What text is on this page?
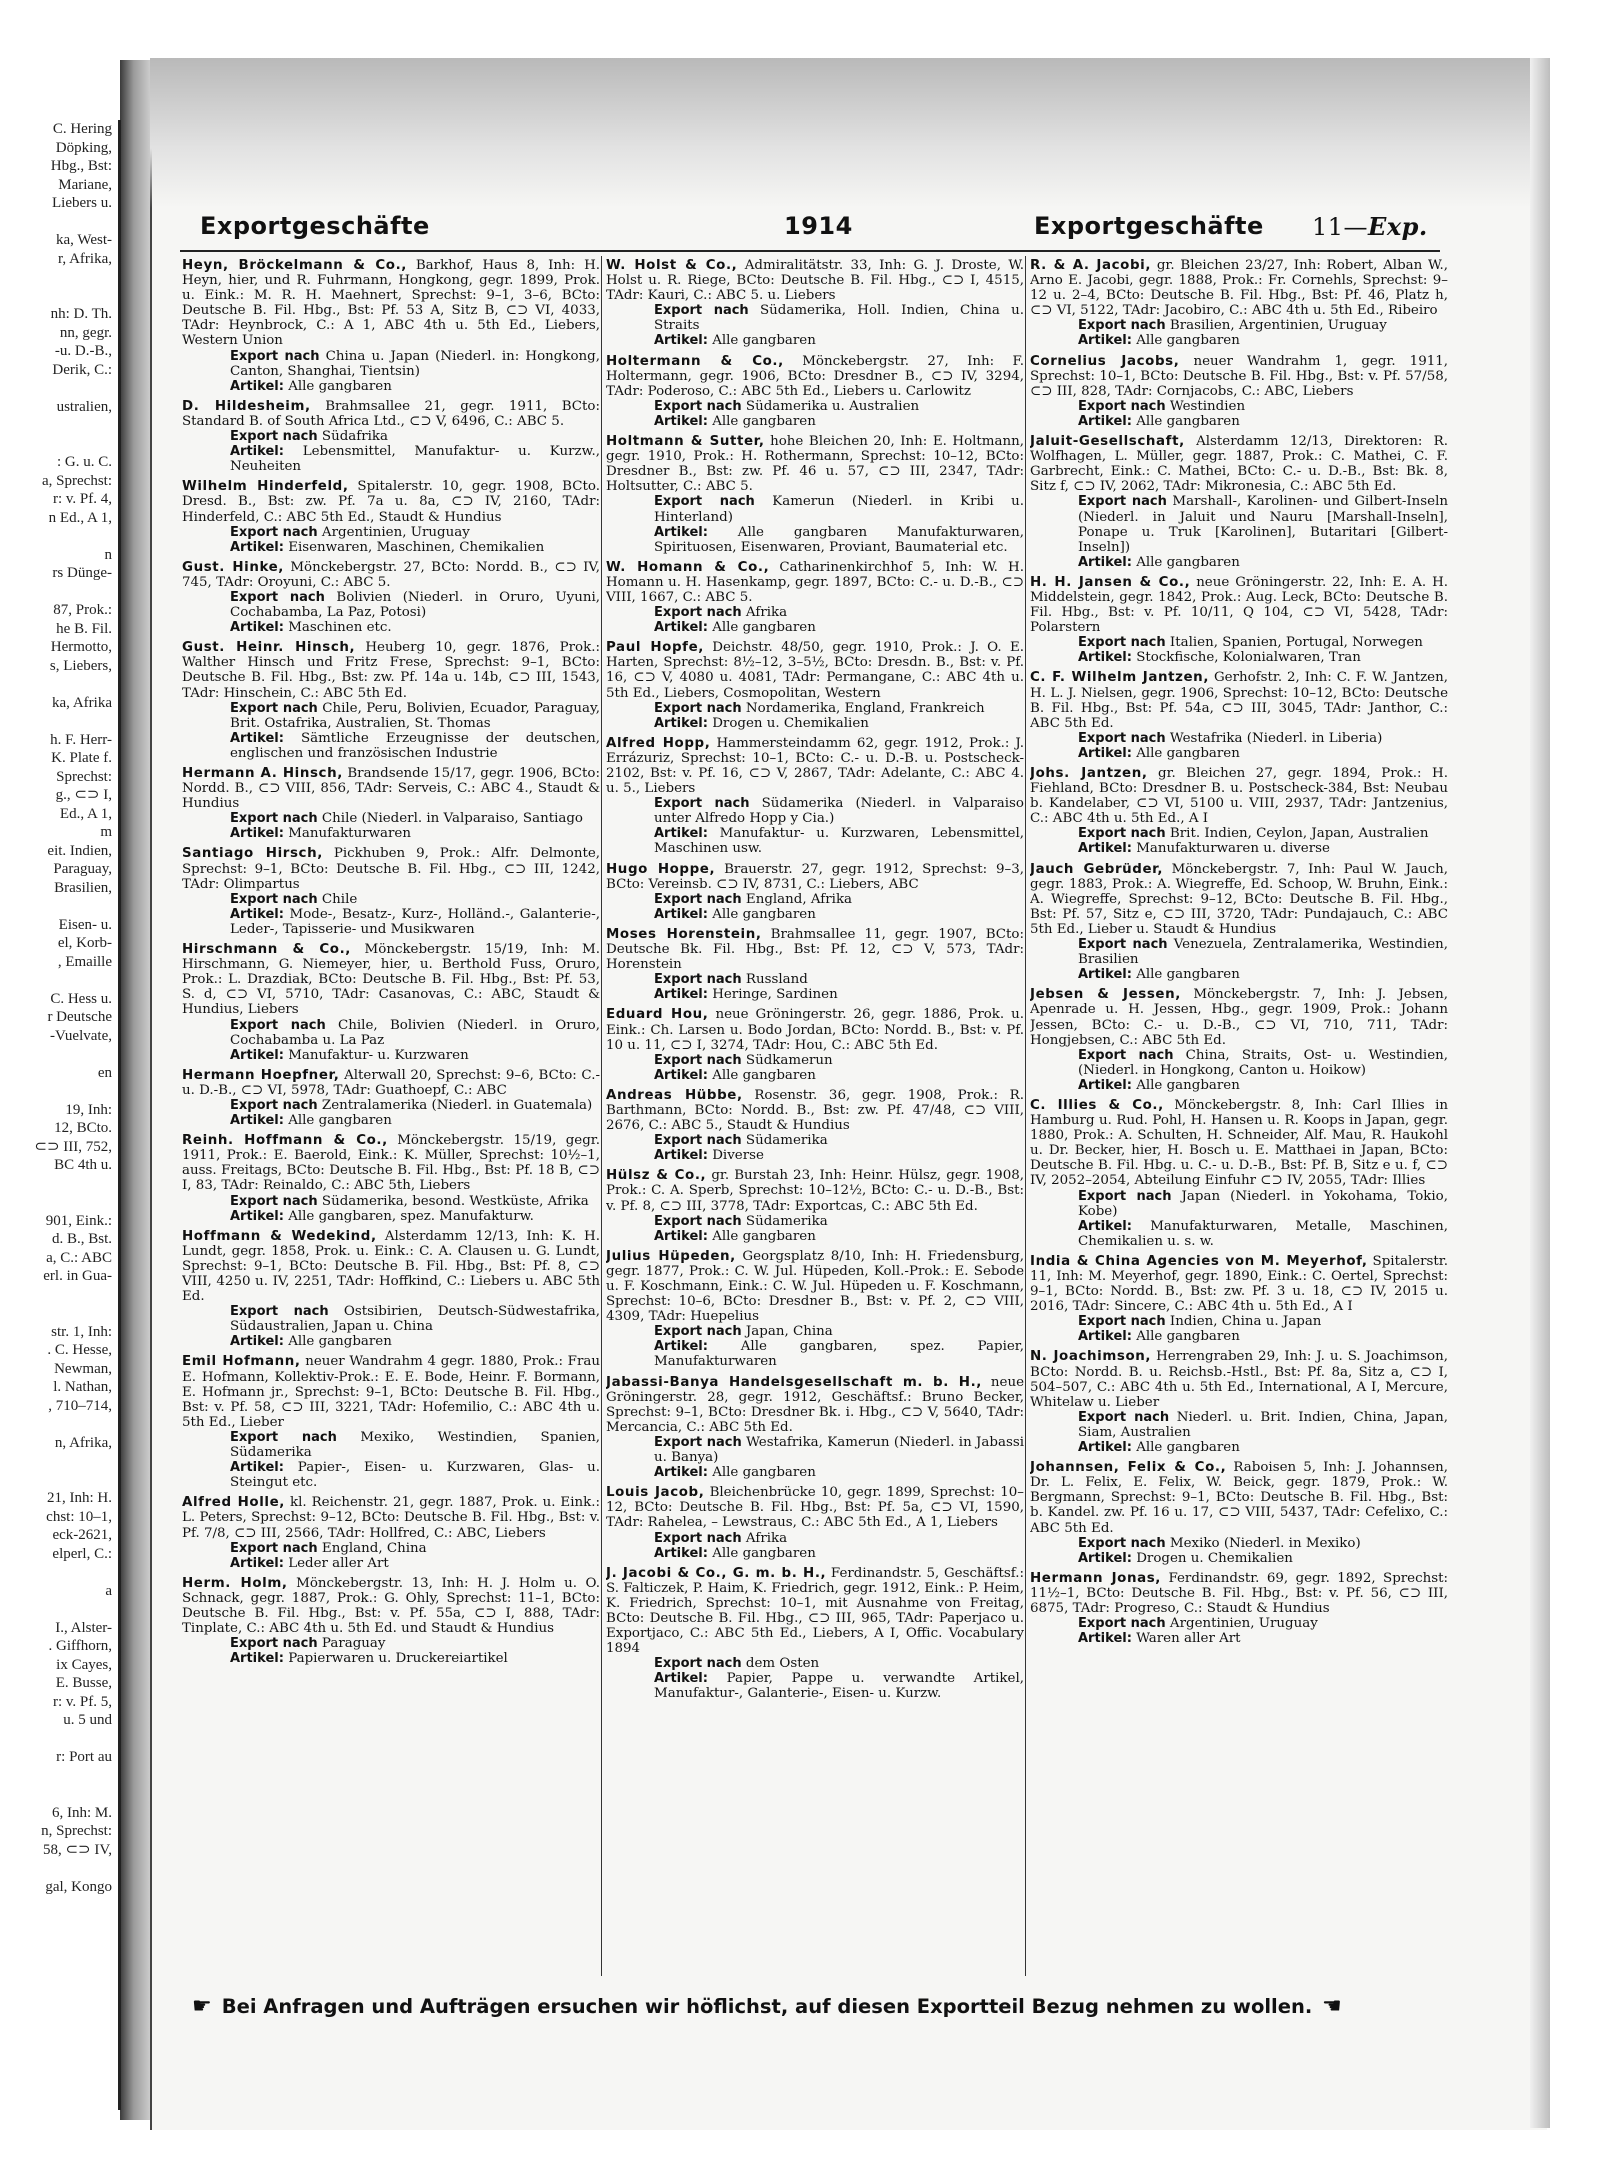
C. Hering
Döpking,
Hbg., Bst:
Mariane,
Liebers u.

ka, West-
r, Afrika,

nh: D. Th.
nn, gegr.
-u. D.-B.,
Derik, C.:

ustralien,

: G. u. C.
a, Sprechst:
r: v. Pf. 4,
n Ed., A 1,

n
rs Dünge-

87, Prok.:
he B. Fil.
Hermotto,
s, Liebers,

ka, Afrika

h. F. Herr-
K. Plate f.
Sprechst:
g., ⊂⊃ I,
Ed., A 1,
m
eit. Indien,
Paraguay,
Brasilien,

Eisen- u.
el, Korb-
, Emaille

C. Hess u.
r Deutsche
-Vuelvate,

en

19, Inh:
12, BCto.
⊂⊃ III, 752,
BC 4th u.

901, Eink.:
d. B., Bst.
a, C.: ABC
erl. in Gua-

str. 1, Inh:
. C. Hesse,
Newman,
l. Nathan,
, 710–714,

n, Afrika,

21, Inh: H.
chst: 10–1,
eck-2621,
elperl, C.:

a

I., Alster-
. Giffhorn,
ix Cayes,
E. Busse,
r: v. Pf. 5,
u. 5 und

r: Port au

6, Inh: M.
n, Sprechst:
58, ⊂⊃ IV,

gal, Kongo
Exportgeschäfte	1914	Exportgeschäfte 11—Exp.
Heyn, Bröckelmann & Co., Barkhof, Haus 8, Inh: H. Heyn, hier, und R. Fuhrmann, Hongkong, gegr. 1899, Prok. u. Eink.: M. R. H. Maehnert, Sprechst: 9–1, 3–6, BCto: Deutsche B. Fil. Hbg., Bst: Pf. 53 A, Sitz B, ⊂⊃ VI, 4033, TAdr: Heynbrock, C.: A 1, ABC 4th u. 5th Ed., Liebers, Western Union
Export nach China u. Japan (Niederl. in: Hongkong, Canton, Shanghai, Tientsin)
Artikel: Alle gangbaren
D. Hildesheim, Brahmsallee 21, gegr. 1911, BCto: Standard B. of South Africa Ltd., ⊂⊃ V, 6496, C.: ABC 5.
Export nach Südafrika
Artikel: Lebensmittel, Manufaktur- u. Kurzw., Neuheiten
Wilhelm Hinderfeld, Spitalerstr. 10, gegr. 1908, BCto. Dresd. B., Bst: zw. Pf. 7a u. 8a, ⊂⊃ IV, 2160, TAdr: Hinderfeld, C.: ABC 5th Ed., Staudt & Hundius
Export nach Argentinien, Uruguay
Artikel: Eisenwaren, Maschinen, Chemikalien
Gust. Hinke, Mönckebergstr. 27, BCto: Nordd. B., ⊂⊃ IV, 745, TAdr: Oroyuni, C.: ABC 5.
Export nach Bolivien (Niederl. in Oruro, Uyuni, Cochabamba, La Paz, Potosi)
Artikel: Maschinen etc.
Gust. Heinr. Hinsch, Heuberg 10, gegr. 1876, Prok.: Walther Hinsch und Fritz Frese, Sprechst: 9–1, BCto: Deutsche B. Fil. Hbg., Bst: zw. Pf. 14a u. 14b, ⊂⊃ III, 1543, TAdr: Hinschein, C.: ABC 5th Ed.
Export nach Chile, Peru, Bolivien, Ecuador, Paraguay, Brit. Ostafrika, Australien, St. Thomas
Artikel: Sämtliche Erzeugnisse der deutschen, englischen und französischen Industrie
Hermann A. Hinsch, Brandsende 15/17, gegr. 1906, BCto: Nordd. B., ⊂⊃ VIII, 856, TAdr: Serveis, C.: ABC 4., Staudt & Hundius
Export nach Chile (Niederl. in Valparaiso, Santiago
Artikel: Manufakturwaren
Santiago Hirsch, Pickhuben 9, Prok.: Alfr. Delmonte, Sprechst: 9–1, BCto: Deutsche B. Fil. Hbg., ⊂⊃ III, 1242, TAdr: Olimpartus
Export nach Chile
Artikel: Mode-, Besatz-, Kurz-, Holländ.-, Galanterie-, Leder-, Tapisserie- und Musikwaren
Hirschmann & Co., Mönckebergstr. 15/19, Inh: M. Hirschmann, G. Niemeyer, hier, u. Berthold Fuss, Oruro, Prok.: L. Drazdiak, BCto: Deutsche B. Fil. Hbg., Bst: Pf. 53, S. d, ⊂⊃ VI, 5710, TAdr: Casanovas, C.: ABC, Staudt & Hundius, Liebers
Export nach Chile, Bolivien (Niederl. in Oruro, Cochabamba u. La Paz
Artikel: Manufaktur- u. Kurzwaren
Hermann Hoepfner, Alterwall 20, Sprechst: 9–6, BCto: C.- u. D.-B., ⊂⊃ VI, 5978, TAdr: Guathoepf, C.: ABC
Export nach Zentralamerika (Niederl. in Guatemala)
Artikel: Alle gangbaren
Reinh. Hoffmann & Co., Mönckebergstr. 15/19, gegr. 1911, Prok.: E. Baerold, Eink.: K. Müller, Sprechst: 10½–1, auss. Freitags, BCto: Deutsche B. Fil. Hbg., Bst: Pf. 18 B, ⊂⊃ I, 83, TAdr: Reinaldo, C.: ABC 5th, Liebers
Export nach Südamerika, besond. Westküste, Afrika
Artikel: Alle gangbaren, spez. Manufakturw.
Hoffmann & Wedekind, Alsterdamm 12/13, Inh: K. H. Lundt, gegr. 1858, Prok. u. Eink.: C. A. Clausen u. G. Lundt, Sprechst: 9–1, BCto: Deutsche B. Fil. Hbg., Bst: Pf. 8, ⊂⊃ VIII, 4250 u. IV, 2251, TAdr: Hoffkind, C.: Liebers u. ABC 5th Ed.
Export nach Ostsibirien, Deutsch-Südwestafrika, Südaustralien, Japan u. China
Artikel: Alle gangbaren
Emil Hofmann, neuer Wandrahm 4 gegr. 1880, Prok.: Frau E. Hofmann, Kollektiv-Prok.: E. E. Bode, Heinr. F. Bormann, E. Hofmann jr., Sprechst: 9–1, BCto: Deutsche B. Fil. Hbg., Bst: v. Pf. 58, ⊂⊃ III, 3221, TAdr: Hofemilio, C.: ABC 4th u. 5th Ed., Lieber
Export nach Mexiko, Westindien, Spanien, Südamerika
Artikel: Papier-, Eisen- u. Kurzwaren, Glas- u. Steingut etc.
Alfred Holle, kl. Reichenstr. 21, gegr. 1887, Prok. u. Eink.: L. Peters, Sprechst: 9–12, BCto: Deutsche B. Fil. Hbg., Bst: v. Pf. 7/8, ⊂⊃ III, 2566, TAdr: Hollfred, C.: ABC, Liebers
Export nach England, China
Artikel: Leder aller Art
Herm. Holm, Mönckebergstr. 13, Inh: H. J. Holm u. O. Schnack, gegr. 1887, Prok.: G. Ohly, Sprechst: 11–1, BCto: Deutsche B. Fil. Hbg., Bst: v. Pf. 55a, ⊂⊃ I, 888, TAdr: Tinplate, C.: ABC 4th u. 5th Ed. und Staudt & Hundius
Export nach Paraguay
Artikel: Papierwaren u. Druckereiartikel
W. Holst & Co., Admiralitätstr. 33, Inh: G. J. Droste, W. Holst u. R. Riege, BCto: Deutsche B. Fil. Hbg., ⊂⊃ I, 4515, TAdr: Kauri, C.: ABC 5. u. Liebers
Export nach Südamerika, Holl. Indien, China u. Straits
Artikel: Alle gangbaren
Holtermann & Co., Mönckebergstr. 27, Inh: F. Holtermann, gegr. 1906, BCto: Dresdner B., ⊂⊃ IV, 3294, TAdr: Poderoso, C.: ABC 5th Ed., Liebers u. Carlowitz
Export nach Südamerika u. Australien
Artikel: Alle gangbaren
Holtmann & Sutter, hohe Bleichen 20, Inh: E. Holtmann, gegr. 1910, Prok.: H. Rothermann, Sprechst: 10–12, BCto: Dresdner B., Bst: zw. Pf. 46 u. 57, ⊂⊃ III, 2347, TAdr: Holtsutter, C.: ABC 5.
Export nach Kamerun (Niederl. in Kribi u. Hinterland)
Artikel: Alle gangbaren Manufakturwaren, Spirituosen, Eisenwaren, Proviant, Baumaterial etc.
W. Homann & Co., Catharinenkirchhof 5, Inh: W. H. Homann u. H. Hasenkamp, gegr. 1897, BCto: C.- u. D.-B., ⊂⊃ VIII, 1667, C.: ABC 5.
Export nach Afrika
Artikel: Alle gangbaren
Paul Hopfe, Deichstr. 48/50, gegr. 1910, Prok.: J. O. E. Harten, Sprechst: 8½–12, 3–5½, BCto: Dresdn. B., Bst: v. Pf. 16, ⊂⊃ V, 4080 u. 4081, TAdr: Permangane, C.: ABC 4th u. 5th Ed., Liebers, Cosmopolitan, Western
Export nach Nordamerika, England, Frankreich
Artikel: Drogen u. Chemikalien
Alfred Hopp, Hammersteindamm 62, gegr. 1912, Prok.: J. Errázuriz, Sprechst: 10–1, BCto: C.- u. D.-B. u. Postscheck-2102, Bst: v. Pf. 16, ⊂⊃ V, 2867, TAdr: Adelante, C.: ABC 4. u. 5., Liebers
Export nach Südamerika (Niederl. in Valparaiso unter Alfredo Hopp y Cia.)
Artikel: Manufaktur- u. Kurzwaren, Lebensmittel, Maschinen usw.
Hugo Hoppe, Brauerstr. 27, gegr. 1912, Sprechst: 9–3, BCto: Vereinsb. ⊂⊃ IV, 8731, C.: Liebers, ABC
Export nach England, Afrika
Artikel: Alle gangbaren
Moses Horenstein, Brahmsallee 11, gegr. 1907, BCto: Deutsche Bk. Fil. Hbg., Bst: Pf. 12, ⊂⊃ V, 573, TAdr: Horenstein
Export nach Russland
Artikel: Heringe, Sardinen
Eduard Hou, neue Gröningerstr. 26, gegr. 1886, Prok. u. Eink.: Ch. Larsen u. Bodo Jordan, BCto: Nordd. B., Bst: v. Pf. 10 u. 11, ⊂⊃ I, 3274, TAdr: Hou, C.: ABC 5th Ed.
Export nach Südkamerun
Artikel: Alle gangbaren
Andreas Hübbe, Rosenstr. 36, gegr. 1908, Prok.: R. Barthmann, BCto: Nordd. B., Bst: zw. Pf. 47/48, ⊂⊃ VIII, 2676, C.: ABC 5., Staudt & Hundius
Export nach Südamerika
Artikel: Diverse
Hülsz & Co., gr. Burstah 23, Inh: Heinr. Hülsz, gegr. 1908, Prok.: C. A. Sperb, Sprechst: 10–12½, BCto: C.- u. D.-B., Bst: v. Pf. 8, ⊂⊃ III, 3778, TAdr: Exportcas, C.: ABC 5th Ed.
Export nach Südamerika
Artikel: Alle gangbaren
Julius Hüpeden, Georgsplatz 8/10, Inh: H. Friedensburg, gegr. 1877, Prok.: C. W. Jul. Hüpeden, Koll.-Prok.: E. Sebode u. F. Koschmann, Eink.: C. W. Jul. Hüpeden u. F. Koschmann, Sprechst: 10–6, BCto: Dresdner B., Bst: v. Pf. 2, ⊂⊃ VIII, 4309, TAdr: Huepelius
Export nach Japan, China
Artikel: Alle gangbaren, spez. Papier, Manufakturwaren
Jabassi-Banya Handelsgesellschaft m. b. H., neue Gröningerstr. 28, gegr. 1912, Geschäftsf.: Bruno Becker, Sprechst: 9–1, BCto: Dresdner Bk. i. Hbg., ⊂⊃ V, 5640, TAdr: Mercancia, C.: ABC 5th Ed.
Export nach Westafrika, Kamerun (Niederl. in Jabassi u. Banya)
Artikel: Alle gangbaren
Louis Jacob, Bleichenbrücke 10, gegr. 1899, Sprechst: 10–12, BCto: Deutsche B. Fil. Hbg., Bst: Pf. 5a, ⊂⊃ VI, 1590, TAdr: Rahelea, – Lewstraus, C.: ABC 5th Ed., A 1, Liebers
Export nach Afrika
Artikel: Alle gangbaren
J. Jacobi & Co., G. m. b. H., Ferdinandstr. 5, Geschäftsf.: S. Falticzek, P. Haim, K. Friedrich, gegr. 1912, Eink.: P. Heim, K. Friedrich, Sprechst: 10–1, mit Ausnahme von Freitag, BCto: Deutsche B. Fil. Hbg., ⊂⊃ III, 965, TAdr: Paperjaco u. Exportjaco, C.: ABC 5th Ed., Liebers, A I, Offic. Vocabulary 1894
Export nach dem Osten
Artikel: Papier, Pappe u. verwandte Artikel, Manufaktur-, Galanterie-, Eisen- u. Kurzw.
R. & A. Jacobi, gr. Bleichen 23/27, Inh: Robert, Alban W., Arno E. Jacobi, gegr. 1888, Prok.: Fr. Cornehls, Sprechst: 9–12 u. 2–4, BCto: Deutsche B. Fil. Hbg., Bst: Pf. 46, Platz h, ⊂⊃ VI, 5122, TAdr: Jacobiro, C.: ABC 4th u. 5th Ed., Ribeiro
Export nach Brasilien, Argentinien, Uruguay
Artikel: Alle gangbaren
Cornelius Jacobs, neuer Wandrahm 1, gegr. 1911, Sprechst: 10–1, BCto: Deutsche B. Fil. Hbg., Bst: v. Pf. 57/58, ⊂⊃ III, 828, TAdr: Cornjacobs, C.: ABC, Liebers
Export nach Westindien
Artikel: Alle gangbaren
Jaluit-Gesellschaft, Alsterdamm 12/13, Direktoren: R. Wolfhagen, L. Müller, gegr. 1887, Prok.: C. Mathei, C. F. Garbrecht, Eink.: C. Mathei, BCto: C.- u. D.-B., Bst: Bk. 8, Sitz f, ⊂⊃ IV, 2062, TAdr: Mikronesia, C.: ABC 5th Ed.
Export nach Marshall-, Karolinen- und Gilbert-Inseln (Niederl. in Jaluit und Nauru [Marshall-Inseln], Ponape u. Truk [Karolinen], Butaritari [Gilbert-Inseln])
Artikel: Alle gangbaren
H. H. Jansen & Co., neue Gröningerstr. 22, Inh: E. A. H. Middelstein, gegr. 1842, Prok.: Aug. Leck, BCto: Deutsche B. Fil. Hbg., Bst: v. Pf. 10/11, Q 104, ⊂⊃ VI, 5428, TAdr: Polarstern
Export nach Italien, Spanien, Portugal, Norwegen
Artikel: Stockfische, Kolonialwaren, Tran
C. F. Wilhelm Jantzen, Gerhofstr. 2, Inh: C. F. W. Jantzen, H. L. J. Nielsen, gegr. 1906, Sprechst: 10–12, BCto: Deutsche B. Fil. Hbg., Bst: Pf. 54a, ⊂⊃ III, 3045, TAdr: Janthor, C.: ABC 5th Ed.
Export nach Westafrika (Niederl. in Liberia)
Artikel: Alle gangbaren
Johs. Jantzen, gr. Bleichen 27, gegr. 1894, Prok.: H. Fiehland, BCto: Dresdner B. u. Postscheck-384, Bst: Neubau b. Kandelaber, ⊂⊃ VI, 5100 u. VIII, 2937, TAdr: Jantzenius, C.: ABC 4th u. 5th Ed., A I
Export nach Brit. Indien, Ceylon, Japan, Australien
Artikel: Manufakturwaren u. diverse
Jauch Gebrüder, Mönckebergstr. 7, Inh: Paul W. Jauch, gegr. 1883, Prok.: A. Wiegreffe, Ed. Schoop, W. Bruhn, Eink.: A. Wiegreffe, Sprechst: 9–12, BCto: Deutsche B. Fil. Hbg., Bst: Pf. 57, Sitz e, ⊂⊃ III, 3720, TAdr: Pundajauch, C.: ABC 5th Ed., Lieber u. Staudt & Hundius
Export nach Venezuela, Zentralamerika, Westindien, Brasilien
Artikel: Alle gangbaren
Jebsen & Jessen, Mönckebergstr. 7, Inh: J. Jebsen, Apenrade u. H. Jessen, Hbg., gegr. 1909, Prok.: Johann Jessen, BCto: C.- u. D.-B., ⊂⊃ VI, 710, 711, TAdr: Hongjebsen, C.: ABC 5th Ed.
Export nach China, Straits, Ost- u. Westindien, (Niederl. in Hongkong, Canton u. Hoikow)
Artikel: Alle gangbaren
C. Illies & Co., Mönckebergstr. 8, Inh: Carl Illies in Hamburg u. Rud. Pohl, H. Hansen u. R. Koops in Japan, gegr. 1880, Prok.: A. Schulten, H. Schneider, Alf. Mau, R. Haukohl u. Dr. Becker, hier, H. Bosch u. E. Matthaei in Japan, BCto: Deutsche B. Fil. Hbg. u. C.- u. D.-B., Bst: Pf. B, Sitz e u. f, ⊂⊃ IV, 2052–2054, Abteilung Einfuhr ⊂⊃ IV, 2055, TAdr: Illies
Export nach Japan (Niederl. in Yokohama, Tokio, Kobe)
Artikel: Manufakturwaren, Metalle, Maschinen, Chemikalien u. s. w.
India & China Agencies von M. Meyerhof, Spitalerstr. 11, Inh: M. Meyerhof, gegr. 1890, Eink.: C. Oertel, Sprechst: 9–1, BCto: Nordd. B., Bst: zw. Pf. 3 u. 18, ⊂⊃ IV, 2015 u. 2016, TAdr: Sincere, C.: ABC 4th u. 5th Ed., A I
Export nach Indien, China u. Japan
Artikel: Alle gangbaren
N. Joachimson, Herrengraben 29, Inh: J. u. S. Joachimson, BCto: Nordd. B. u. Reichsb.-Hstl., Bst: Pf. 8a, Sitz a, ⊂⊃ I, 504–507, C.: ABC 4th u. 5th Ed., International, A I, Mercure, Whitelaw u. Lieber
Export nach Niederl. u. Brit. Indien, China, Japan, Siam, Australien
Artikel: Alle gangbaren
Johannsen, Felix & Co., Raboisen 5, Inh: J. Johannsen, Dr. L. Felix, E. Felix, W. Beick, gegr. 1879, Prok.: W. Bergmann, Sprechst: 9–1, BCto: Deutsche B. Fil. Hbg., Bst: b. Kandel. zw. Pf. 16 u. 17, ⊂⊃ VIII, 5437, TAdr: Cefelixo, C.: ABC 5th Ed.
Export nach Mexiko (Niederl. in Mexiko)
Artikel: Drogen u. Chemikalien
Hermann Jonas, Ferdinandstr. 69, gegr. 1892, Sprechst: 11½–1, BCto: Deutsche B. Fil. Hbg., Bst: v. Pf. 56, ⊂⊃ III, 6875, TAdr: Progreso, C.: Staudt & Hundius
Export nach Argentinien, Uruguay
Artikel: Waren aller Art
☛ Bei Anfragen und Aufträgen ersuchen wir höflichst, auf diesen Exportteil Bezug nehmen zu wollen. ☛
